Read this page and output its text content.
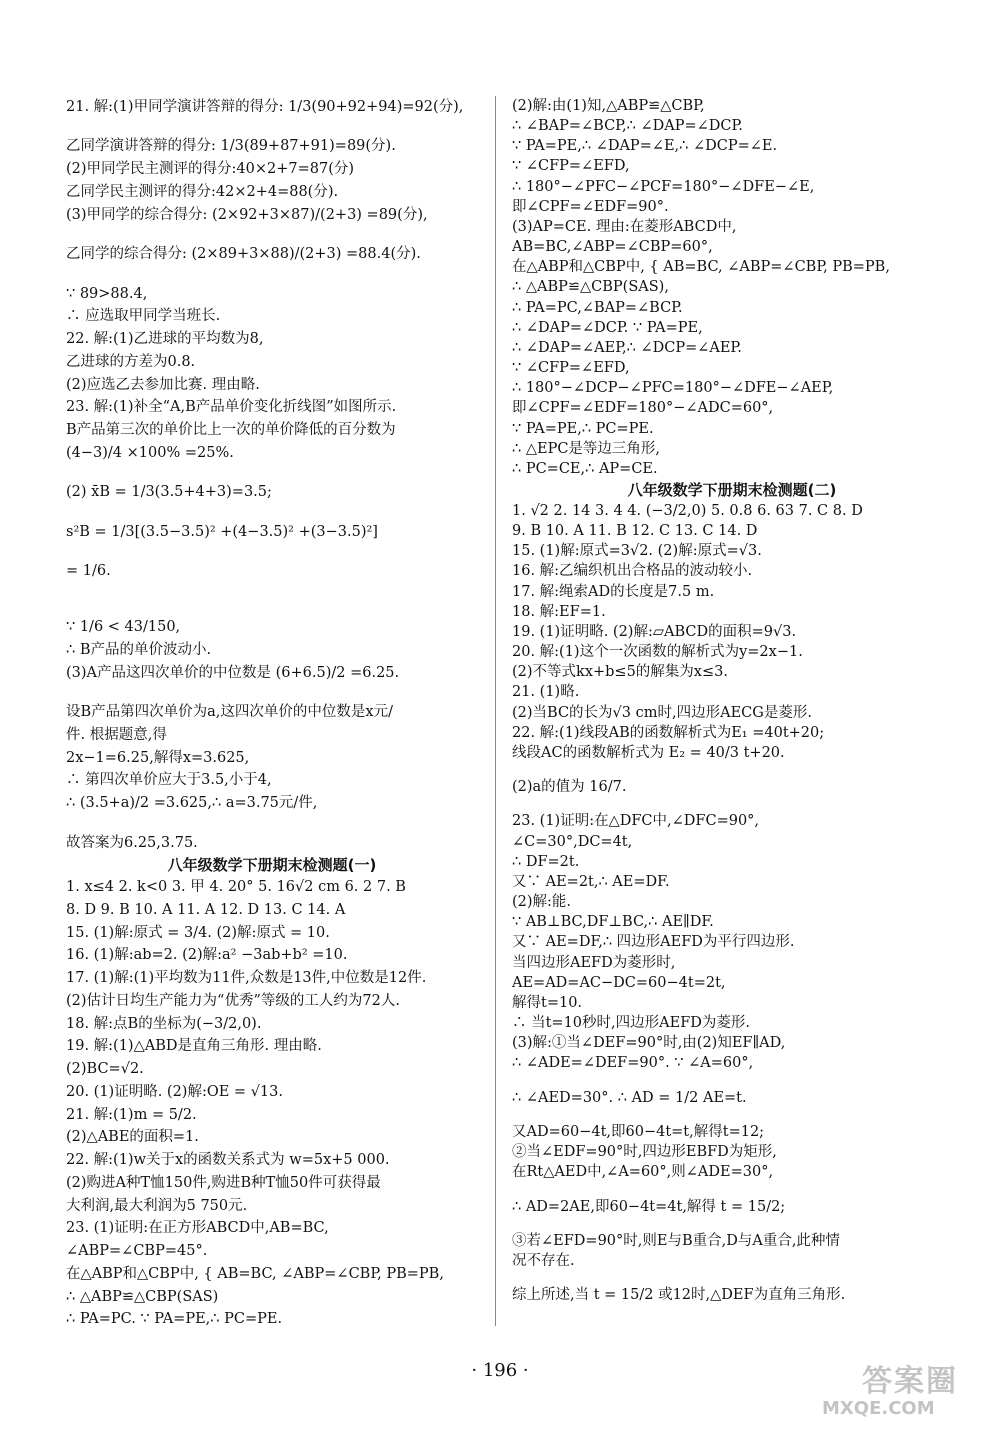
21. 解:(1)甲同学演讲答辩的得分: 1/3(90+92+94)=92(分),
乙同学演讲答辩的得分: 1/3(89+87+91)=89(分).
(2)甲同学民主测评的得分:40×2+7=87(分)
乙同学民主测评的得分:42×2+4=88(分).
(3)甲同学的综合得分: (2×92+3×87)/(2+3) =89(分),
乙同学的综合得分: (2×89+3×88)/(2+3) =88.4(分).
∵ 89>88.4,
∴ 应选取甲同学当班长.
22. 解:(1)乙进球的平均数为8,
乙进球的方差为0.8.
(2)应选乙去参加比赛. 理由略.
23. 解:(1)补全“A,B产品单价变化折线图”如图所示.
B产品第三次的单价比上一次的单价降低的百分数为
(4−3)/4 ×100% =25%.
(2) x̄B = 1/3(3.5+4+3)=3.5;
s²B = 1/3[(3.5−3.5)² +(4−3.5)² +(3−3.5)²]
= 1/6.
∵ 1/6 < 43/150,
∴ B产品的单价波动小.
(3)A产品这四次单价的中位数是 (6+6.5)/2 =6.25.
设B产品第四次单价为a,这四次单价的中位数是x元/
件. 根据题意,得
2x−1=6.25,解得x=3.625,
∴ 第四次单价应大于3.5,小于4,
∴ (3.5+a)/2 =3.625,∴ a=3.75元/件,
故答案为6.25,3.75.
八年级数学下册期末检测题(一)
1. x≤4 2. k<0 3. 甲 4. 20° 5. 16√2 cm 6. 2 7. B
8. D 9. B 10. A 11. A 12. D 13. C 14. A
15. (1)解:原式 = 3/4. (2)解:原式 = 10.
16. (1)解:ab=2. (2)解:a² −3ab+b² =10.
17. (1)解:(1)平均数为11件,众数是13件,中位数是12件.
(2)估计日均生产能力为“优秀”等级的工人约为72人.
18. 解:点B的坐标为(−3/2,0).
19. 解:(1)△ABD是直角三角形. 理由略.
(2)BC=√2.
20. (1)证明略. (2)解:OE = √13.
21. 解:(1)m = 5/2.
(2)△ABE的面积=1.
22. 解:(1)w关于x的函数关系式为 w=5x+5 000.
(2)购进A种T恤150件,购进B种T恤50件可获得最
大利润,最大利润为5 750元.
23. (1)证明:在正方形ABCD中,AB=BC,
∠ABP=∠CBP=45°.
在△ABP和△CBP中, { AB=BC, ∠ABP=∠CBP, PB=PB,
∴ △ABP≌△CBP(SAS)
∴ PA=PC. ∵ PA=PE,∴ PC=PE.
(2)解:由(1)知,△ABP≌△CBP,
∴ ∠BAP=∠BCP,∴ ∠DAP=∠DCP.
∵ PA=PE,∴ ∠DAP=∠E,∴ ∠DCP=∠E.
∵ ∠CFP=∠EFD,
∴ 180°−∠PFC−∠PCF=180°−∠DFE−∠E,
即∠CPF=∠EDF=90°.
(3)AP=CE. 理由:在菱形ABCD中,
AB=BC,∠ABP=∠CBP=60°,
在△ABP和△CBP中, { AB=BC, ∠ABP=∠CBP, PB=PB,
∴ △ABP≌△CBP(SAS),
∴ PA=PC,∠BAP=∠BCP.
∴ ∠DAP=∠DCP. ∵ PA=PE,
∴ ∠DAP=∠AEP,∴ ∠DCP=∠AEP.
∵ ∠CFP=∠EFD,
∴ 180°−∠DCP−∠PFC=180°−∠DFE−∠AEP,
即∠CPF=∠EDF=180°−∠ADC=60°,
∵ PA=PE,∴ PC=PE.
∴ △EPC是等边三角形,
∴ PC=CE,∴ AP=CE.
八年级数学下册期末检测题(二)
1. √2 2. 14 3. 4 4. (−3/2,0) 5. 0.8 6. 63 7. C 8. D
9. B 10. A 11. B 12. C 13. C 14. D
15. (1)解:原式=3√2. (2)解:原式=√3.
16. 解:乙编织机出合格品的波动较小.
17. 解:绳索AD的长度是7.5 m.
18. 解:EF=1.
19. (1)证明略. (2)解:▱ABCD的面积=9√3.
20. 解:(1)这个一次函数的解析式为y=2x−1.
(2)不等式kx+b≤5的解集为x≤3.
21. (1)略.
(2)当BC的长为√3 cm时,四边形AECG是菱形.
22. 解:(1)线段AB的函数解析式为E₁ =40t+20;
线段AC的函数解析式为 E₂ = 40/3 t+20.
(2)a的值为 16/7.
23. (1)证明:在△DFC中,∠DFC=90°,
∠C=30°,DC=4t,
∴ DF=2t.
又∵ AE=2t,∴ AE=DF.
(2)解:能.
∵ AB⊥BC,DF⊥BC,∴ AE∥DF.
又∵ AE=DF,∴ 四边形AEFD为平行四边形.
当四边形AEFD为菱形时,
AE=AD=AC−DC=60−4t=2t,
解得t=10.
∴ 当t=10秒时,四边形AEFD为菱形.
(3)解:①当∠DEF=90°时,由(2)知EF∥AD,
∴ ∠ADE=∠DEF=90°. ∵ ∠A=60°,
∴ ∠AED=30°. ∴ AD = 1/2 AE=t.
又AD=60−4t,即60−4t=t,解得t=12;
②当∠EDF=90°时,四边形EBFD为矩形,
在Rt△AED中,∠A=60°,则∠ADE=30°,
∴ AD=2AE,即60−4t=4t,解得 t = 15/2;
③若∠EFD=90°时,则E与B重合,D与A重合,此种情
况不存在.
综上所述,当 t = 15/2 或12时,△DEF为直角三角形.
· 196 ·	答案圈
MXQE.COM
